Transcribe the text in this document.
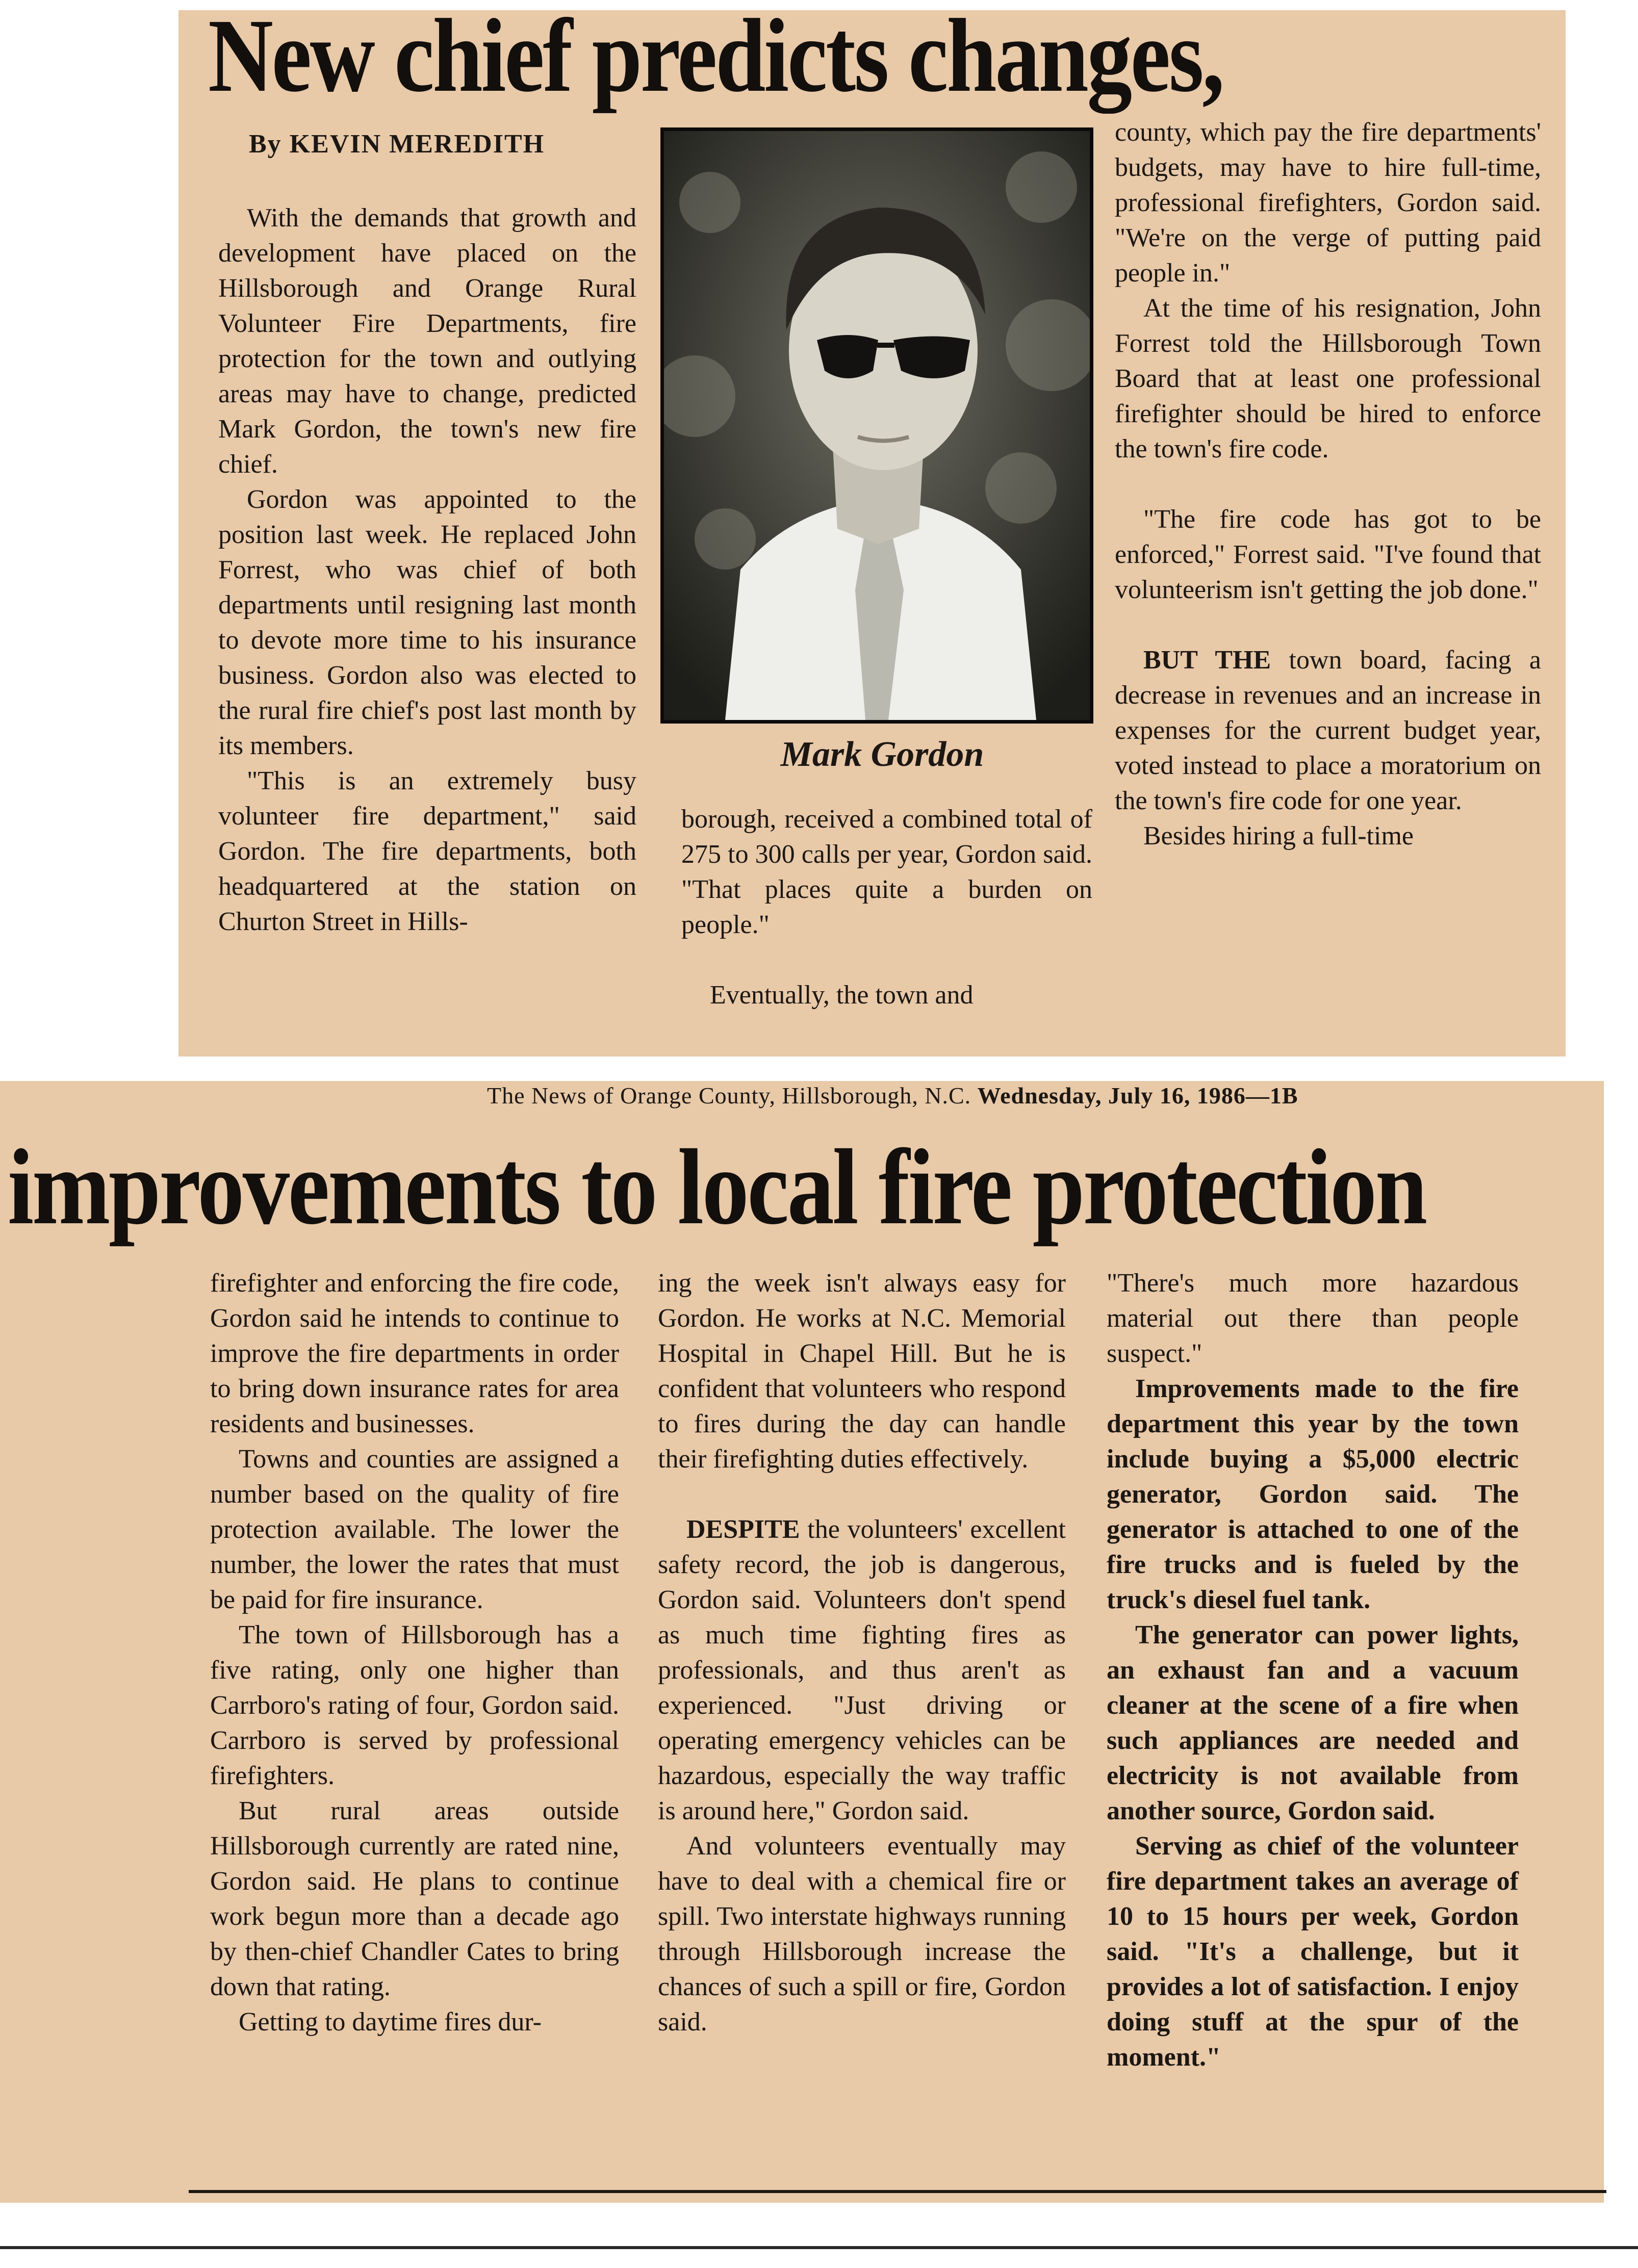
New chief predicts changes,
By KEVIN MEREDITH

With the demands that growth and development have placed on the Hillsborough and Orange Rural Volunteer Fire Departments, fire protection for the town and outlying areas may have to change, predicted Mark Gordon, the town's new fire chief.

Gordon was appointed to the position last week. He replaced John Forrest, who was chief of both departments until resigning last month to devote more time to his insurance business. Gordon also was elected to the rural fire chief's post last month by its members.

"This is an extremely busy volunteer fire department," said Gordon. The fire departments, both headquartered at the station on Churton Street in Hills-

Mark Gordon

borough, received a combined total of 275 to 300 calls per year, Gordon said. "That places quite a burden on people."

Eventually, the town and

county, which pay the fire departments' budgets, may have to hire full-time, professional firefighters, Gordon said. "We're on the verge of putting paid people in."

At the time of his resignation, John Forrest told the Hillsborough Town Board that at least one professional firefighter should be hired to enforce the town's fire code.

"The fire code has got to be enforced," Forrest said. "I've found that volunteerism isn't getting the job done."

BUT THE town board, facing a decrease in revenues and an increase in expenses for the current budget year, voted instead to place a moratorium on the town's fire code for one year.

Besides hiring a full-time

The News of Orange County, Hillsborough, N.C. Wednesday, July 16, 1986—1B
improvements to local fire protection

firefighter and enforcing the fire code, Gordon said he intends to continue to improve the fire departments in order to bring down insurance rates for area residents and businesses.

Towns and counties are assigned a number based on the quality of fire protection available. The lower the number, the lower the rates that must be paid for fire insurance.

The town of Hillsborough has a five rating, only one higher than Carrboro's rating of four, Gordon said. Carrboro is served by professional firefighters.

But rural areas outside Hillsborough currently are rated nine, Gordon said. He plans to continue work begun more than a decade ago by then-chief Chandler Cates to bring down that rating.

Getting to daytime fires dur-

ing the week isn't always easy for Gordon. He works at N.C. Memorial Hospital in Chapel Hill. But he is confident that volunteers who respond to fires during the day can handle their firefighting duties effectively.

DESPITE the volunteers' excellent safety record, the job is dangerous, Gordon said. Volunteers don't spend as much time fighting fires as professionals, and thus aren't as experienced. "Just driving or operating emergency vehicles can be hazardous, especially the way traffic is around here," Gordon said.

And volunteers eventually may have to deal with a chemical fire or spill. Two interstate highways running through Hillsborough increase the chances of such a spill or fire, Gordon said.

"There's much more hazardous material out there than people suspect."

Improvements made to the fire department this year by the town include buying a $5,000 electric generator, Gordon said. The generator is attached to one of the fire trucks and is fueled by the truck's diesel fuel tank.

The generator can power lights, an exhaust fan and a vacuum cleaner at the scene of a fire when such appliances are needed and electricity is not available from another source, Gordon said.

Serving as chief of the volunteer fire department takes an average of 10 to 15 hours per week, Gordon said. "It's a challenge, but it provides a lot of satisfaction. I enjoy doing stuff at the spur of the moment."
